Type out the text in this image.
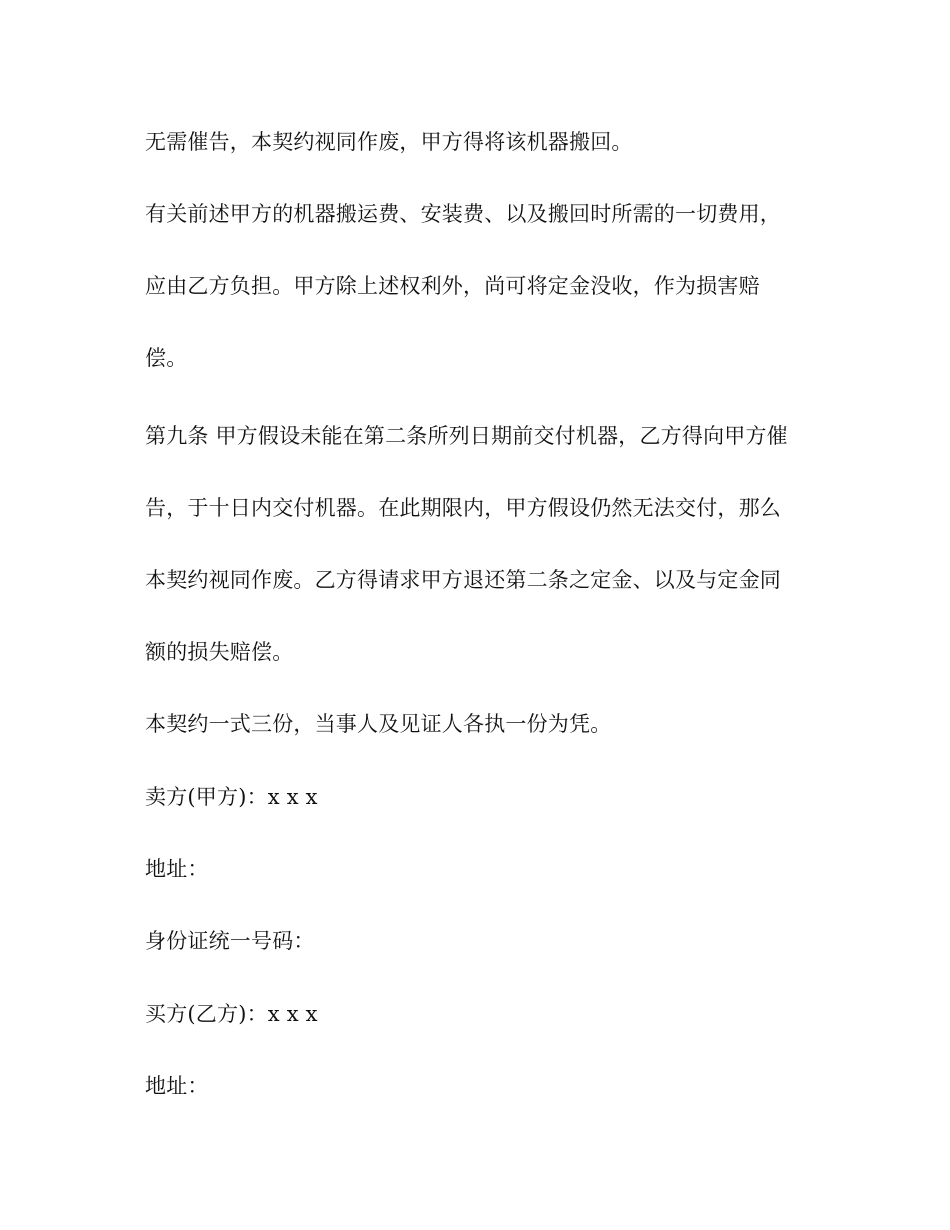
无需催告，本契约视同作废，甲方得将该机器搬回。
有关前述甲方的机器搬运费、安装费、以及搬回时所需的一切费用，
应由乙方负担。甲方除上述权利外，尚可将定金没收，作为损害赔
偿。
第九条 甲方假设未能在第二条所列日期前交付机器，乙方得向甲方催
告，于十日内交付机器。在此期限内，甲方假设仍然无法交付，那么
本契约视同作废。乙方得请求甲方退还第二条之定金、以及与定金同
额的损失赔偿。
本契约一式三份，当事人及见证人各执一份为凭。
卖方(甲方)：x x x
地址：
身份证统一号码：
买方(乙方)：x x x
地址：
